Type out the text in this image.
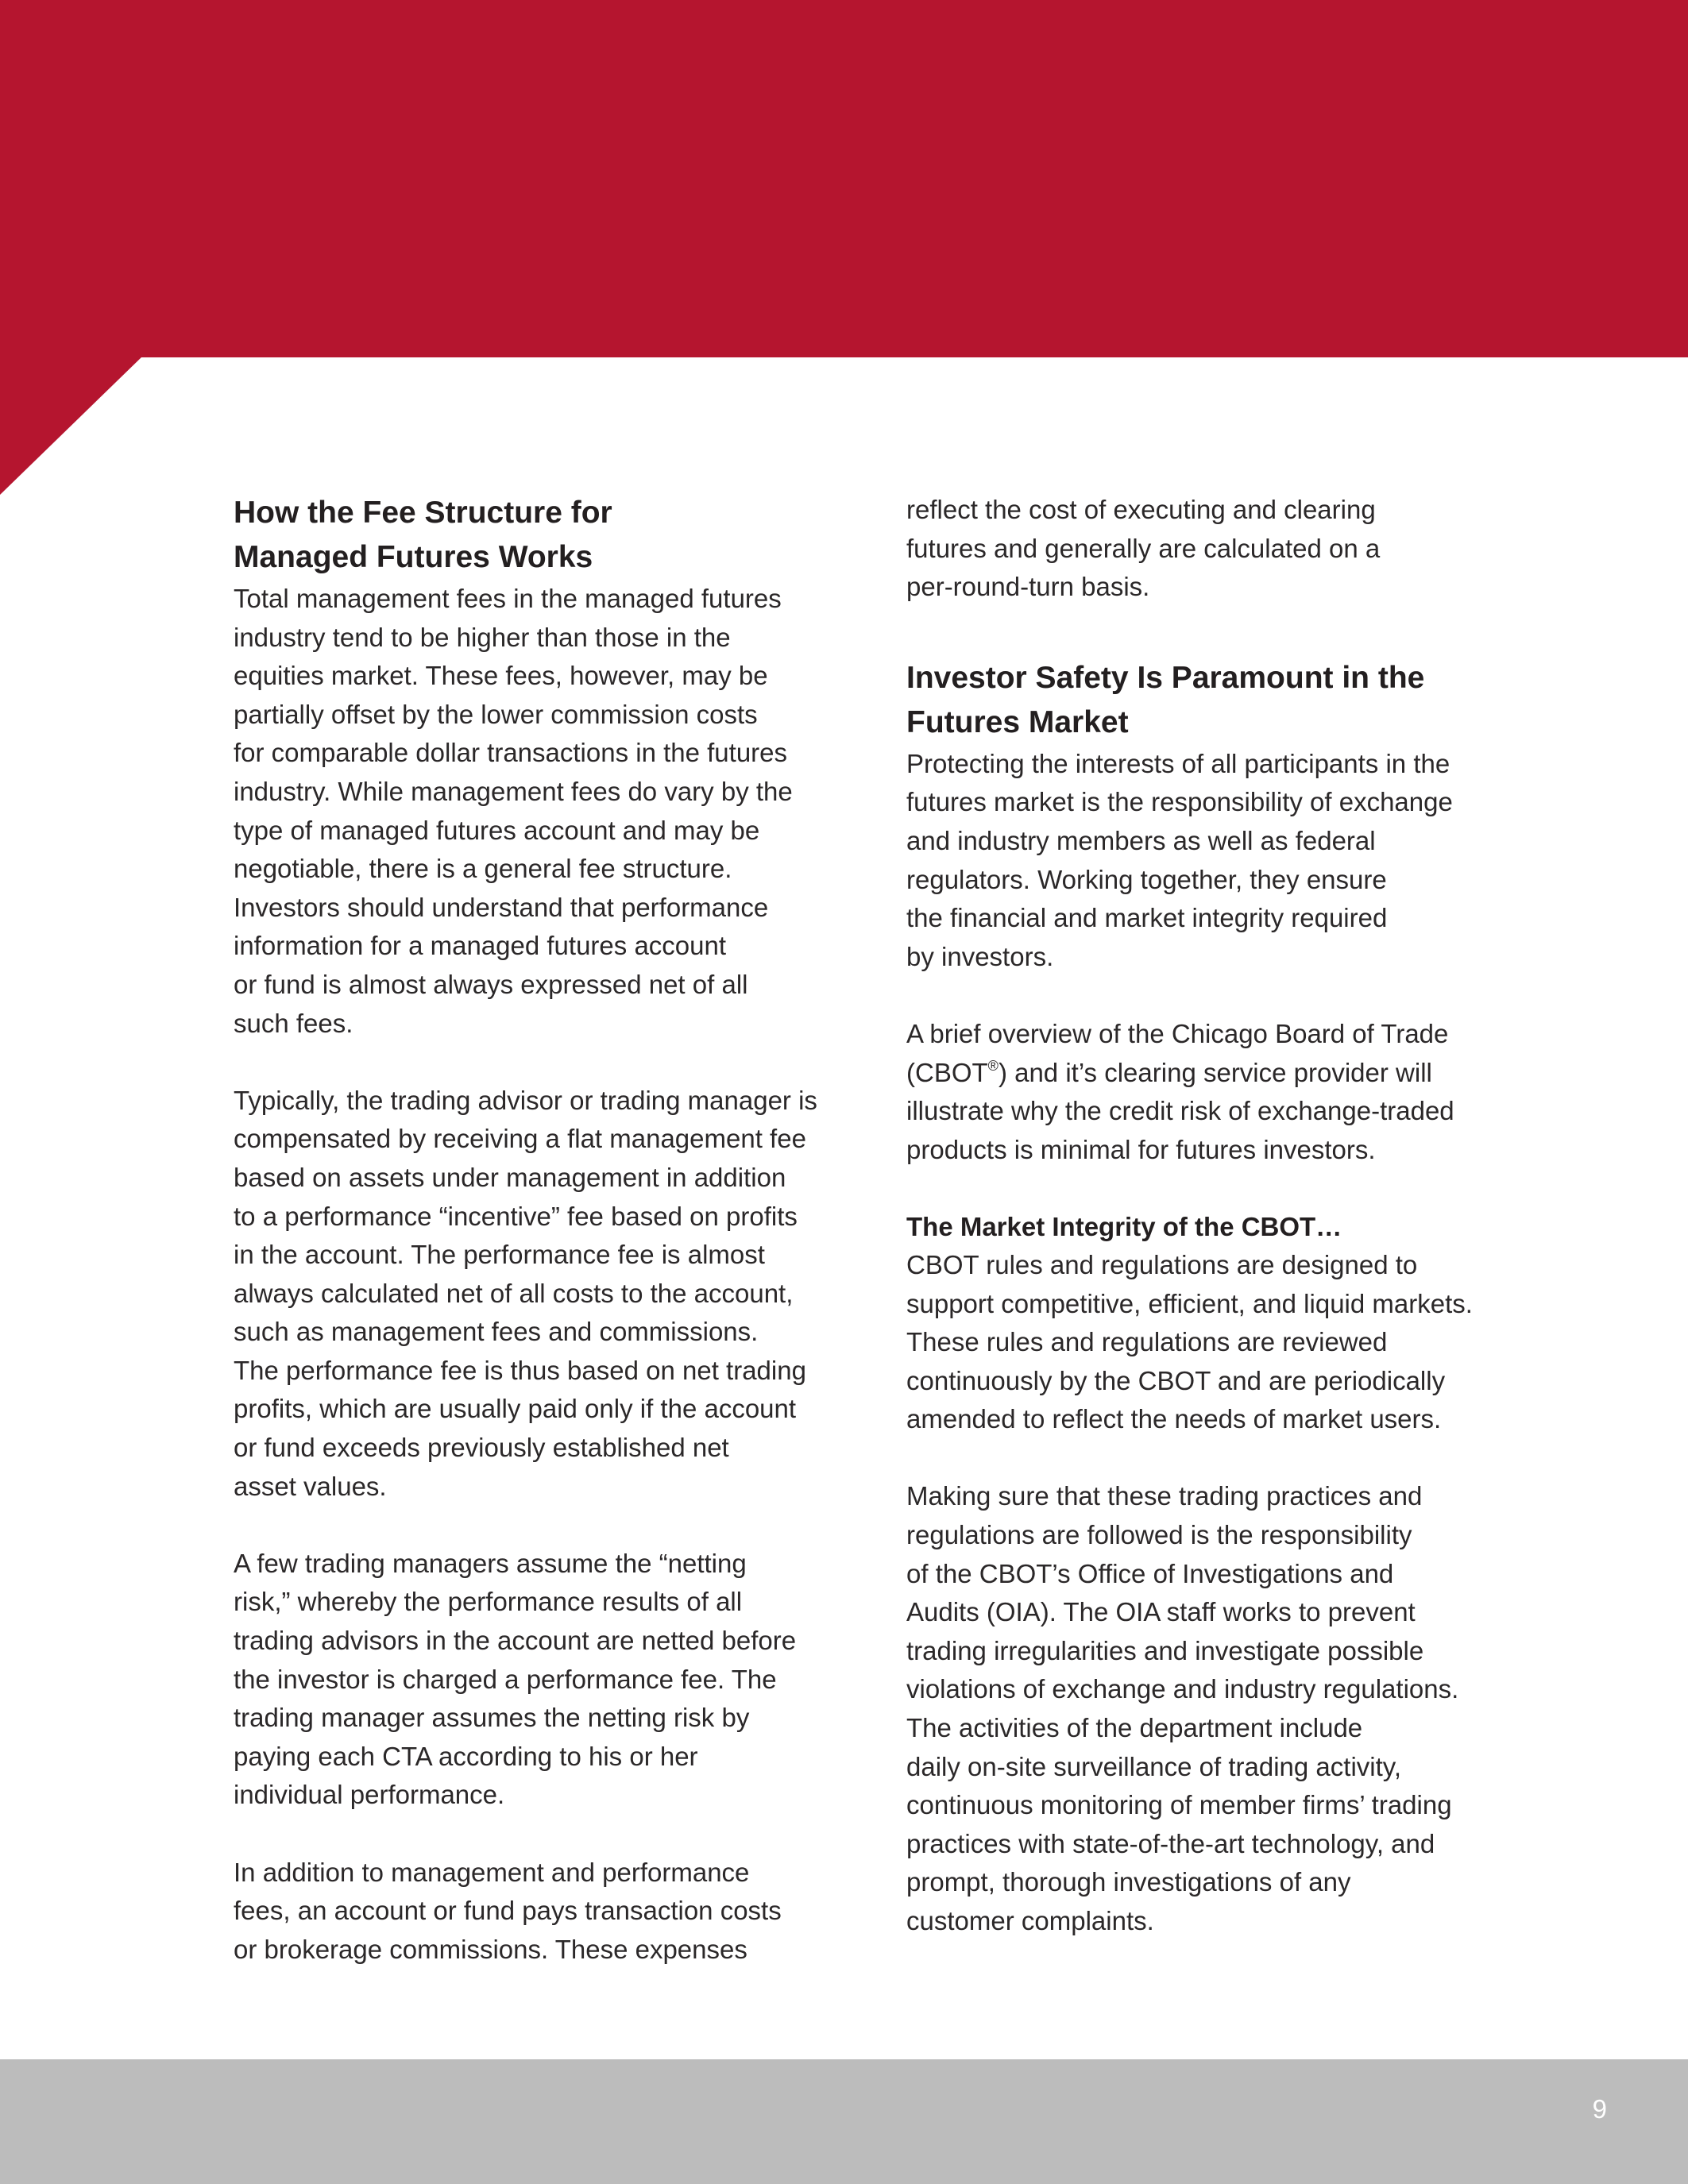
How the Fee Structure for
Managed Futures Works

Total management fees in the managed futures
industry tend to be higher than those in the
equities market. These fees, however, may be
partially offset by the lower commission costs
for comparable dollar transactions in the futures
industry. While management fees do vary by the
type of managed futures account and may be
negotiable, there is a general fee structure.
Investors should understand that performance
information for a managed futures account
or fund is almost always expressed net of all
such fees.

Typically, the trading advisor or trading manager is
compensated by receiving a flat management fee
based on assets under management in addition
to a performance “incentive” fee based on profits
in the account. The performance fee is almost
always calculated net of all costs to the account,
such as management fees and commissions.
The performance fee is thus based on net trading
profits, which are usually paid only if the account
or fund exceeds previously established net
asset values.

A few trading managers assume the “netting
risk,” whereby the performance results of all
trading advisors in the account are netted before
the investor is charged a performance fee. The
trading manager assumes the netting risk by
paying each CTA according to his or her
individual performance.

In addition to management and performance
fees, an account or fund pays transaction costs
or brokerage commissions. These expenses

reflect the cost of executing and clearing
futures and generally are calculated on a
per-round-turn basis.

Investor Safety Is Paramount in the
Futures Market

Protecting the interests of all participants in the
futures market is the responsibility of exchange
and industry members as well as federal
regulators. Working together, they ensure
the financial and market integrity required
by investors.

A brief overview of the Chicago Board of Trade
(CBOT®) and it’s clearing service provider will
illustrate why the credit risk of exchange-traded
products is minimal for futures investors.

The Market Integrity of the CBOT…

CBOT rules and regulations are designed to
support competitive, efficient, and liquid markets.
These rules and regulations are reviewed
continuously by the CBOT and are periodically
amended to reflect the needs of market users.

Making sure that these trading practices and
regulations are followed is the responsibility
of the CBOT’s Office of Investigations and
Audits (OIA). The OIA staff works to prevent
trading irregularities and investigate possible
violations of exchange and industry regulations.
The activities of the department include
daily on-site surveillance of trading activity,
continuous monitoring of member firms’ trading
practices with state-of-the-art technology, and
prompt, thorough investigations of any
customer complaints.

9
